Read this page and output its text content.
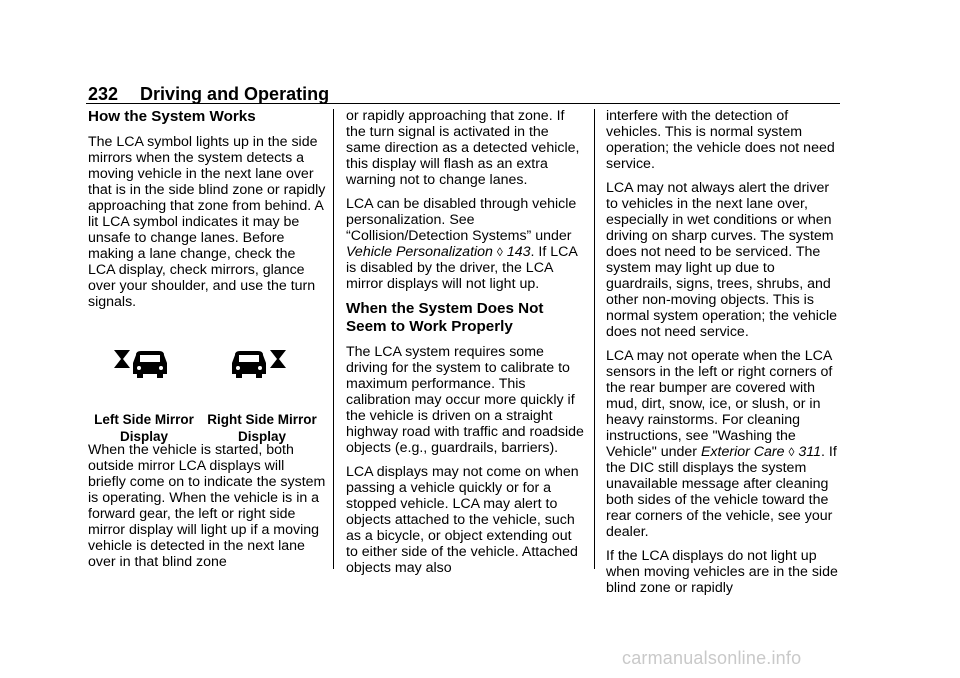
232 Driving and Operating
How the System Works

The LCA symbol lights up in the side mirrors when the system detects a moving vehicle in the next lane over that is in the side blind zone or rapidly approaching that zone from behind. A lit LCA symbol indicates it may be unsafe to change lanes. Before making a lane change, check the LCA display, check mirrors, glance over your shoulder, and use the turn signals.

Left Side Mirror Display
Right Side Mirror Display

When the vehicle is started, both outside mirror LCA displays will briefly come on to indicate the system is operating. When the vehicle is in a forward gear, the left or right side mirror display will light up if a moving vehicle is detected in the next lane over in that blind zone

or rapidly approaching that zone. If the turn signal is activated in the same direction as a detected vehicle, this display will flash as an extra warning not to change lanes.

LCA can be disabled through vehicle personalization. See “Collision/Detection Systems” under Vehicle Personalization ◊ 143. If LCA is disabled by the driver, the LCA mirror displays will not light up.

When the System Does Not Seem to Work Properly

The LCA system requires some driving for the system to calibrate to maximum performance. This calibration may occur more quickly if the vehicle is driven on a straight highway road with traffic and roadside objects (e.g., guardrails, barriers).

LCA displays may not come on when passing a vehicle quickly or for a stopped vehicle. LCA may alert to objects attached to the vehicle, such as a bicycle, or object extending out to either side of the vehicle. Attached objects may also

interfere with the detection of vehicles. This is normal system operation; the vehicle does not need service.

LCA may not always alert the driver to vehicles in the next lane over, especially in wet conditions or when driving on sharp curves. The system does not need to be serviced. The system may light up due to guardrails, signs, trees, shrubs, and other non-moving objects. This is normal system operation; the vehicle does not need service.

LCA may not operate when the LCA sensors in the left or right corners of the rear bumper are covered with mud, dirt, snow, ice, or slush, or in heavy rainstorms. For cleaning instructions, see "Washing the Vehicle" under Exterior Care ◊ 311. If the DIC still displays the system unavailable message after cleaning both sides of the vehicle toward the rear corners of the vehicle, see your dealer.

If the LCA displays do not light up when moving vehicles are in the side blind zone or rapidly

carmanualsonline.info
